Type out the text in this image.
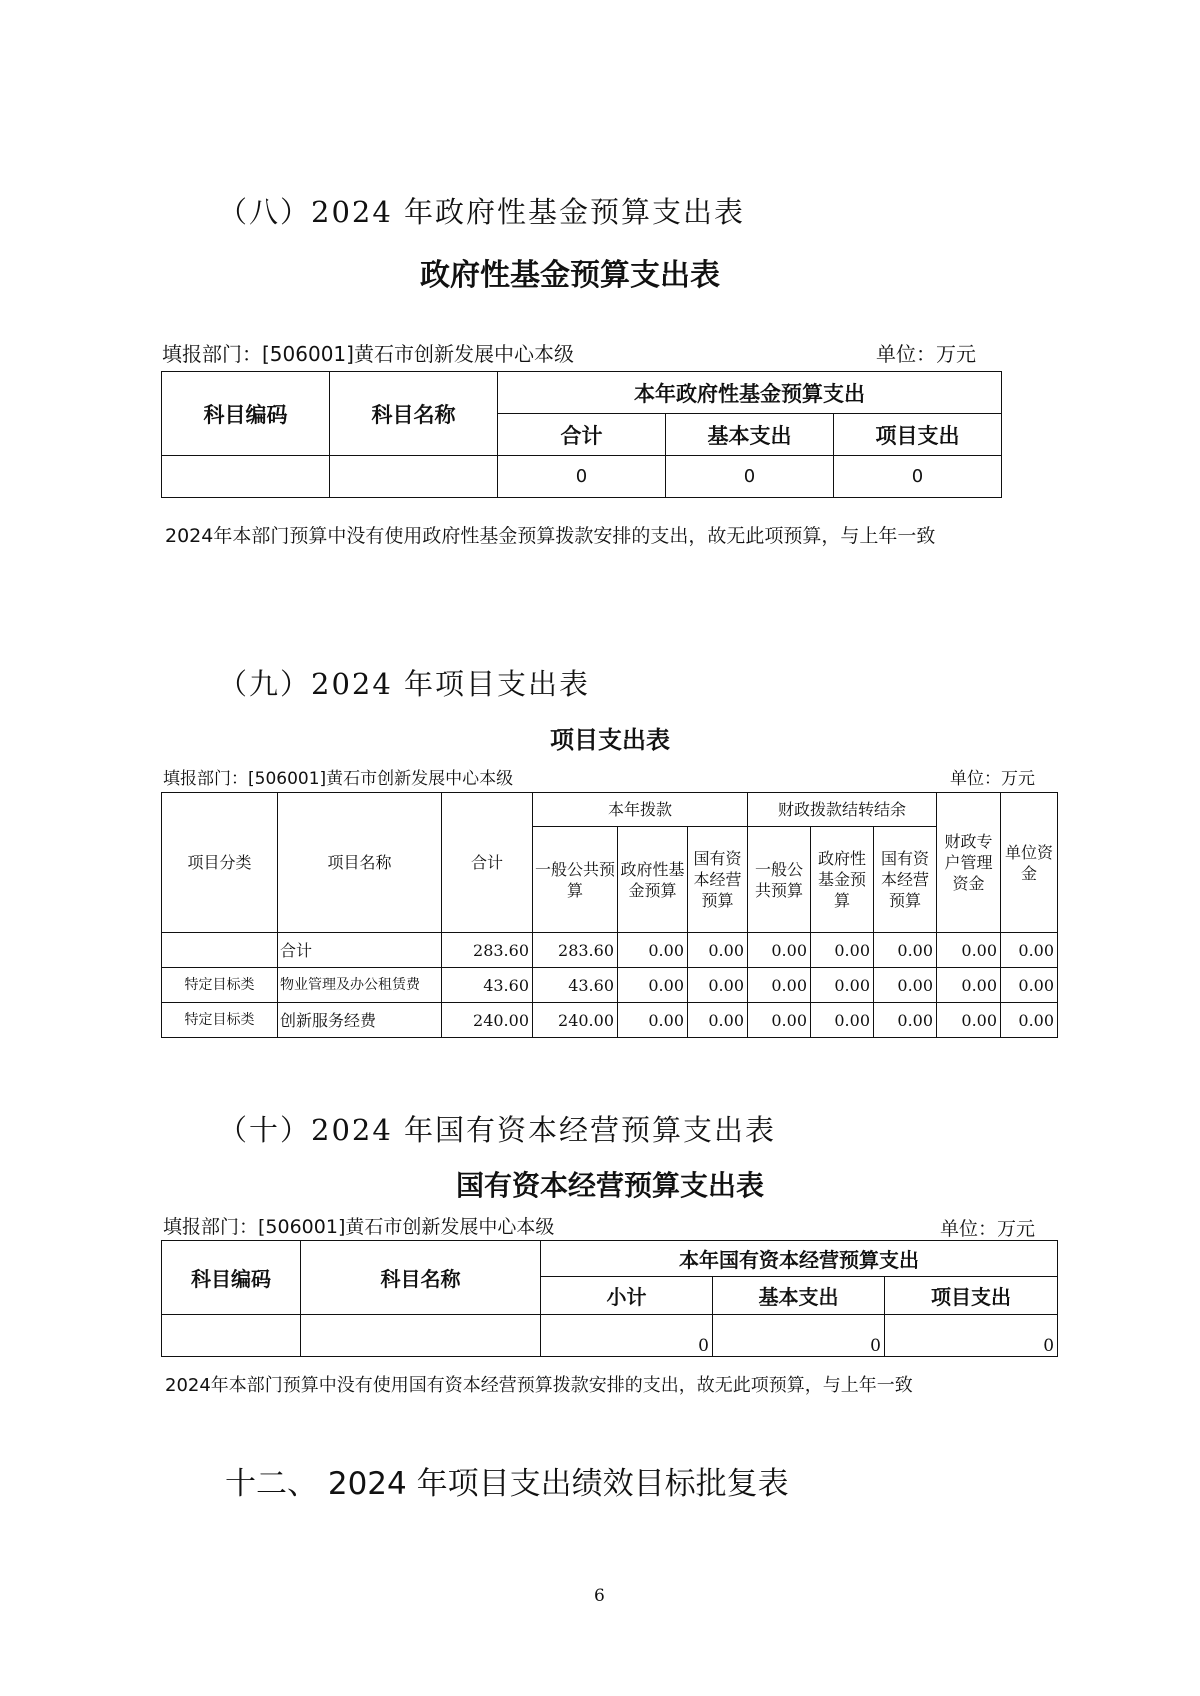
（八）2024 年政府性基金预算支出表
政府性基金预算支出表
填报部门：[506001]黄石市创新发展中心本级	单位：万元
科目编码	科目名称	本年政府性基金预算支出		
		合计	基本支出	项目支出
		0	0	0
2024年本部门预算中没有使用政府性基金预算拨款安排的支出，故无此项预算，与上年一致
（九）2024 年项目支出表
项目支出表
填报部门：[506001]黄石市创新发展中心本级	单位：万元
项目分类	项目名称	合计	本年拨款			财政拨款结转结余			财政专户管理资金	单位资金
			一般公共预算	政府性基金预算	国有资本经营预算	一般公共预算	政府性基金预算	国有资本经营预算		
	合计	283.60	283.60	0.00	0.00	0.00	0.00	0.00	0.00	0.00
特定目标类	物业管理及办公租赁费	43.60	43.60	0.00	0.00	0.00	0.00	0.00	0.00	0.00
特定目标类	创新服务经费	240.00	240.00	0.00	0.00	0.00	0.00	0.00	0.00	0.00
（十）2024 年国有资本经营预算支出表
国有资本经营预算支出表
填报部门：[506001]黄石市创新发展中心本级	单位：万元
科目编码	科目名称	本年国有资本经营预算支出		
		小计	基本支出	项目支出
		0	0	0
2024年本部门预算中没有使用国有资本经营预算拨款安排的支出，故无此项预算，与上年一致
十二、 2024 年项目支出绩效目标批复表
6
